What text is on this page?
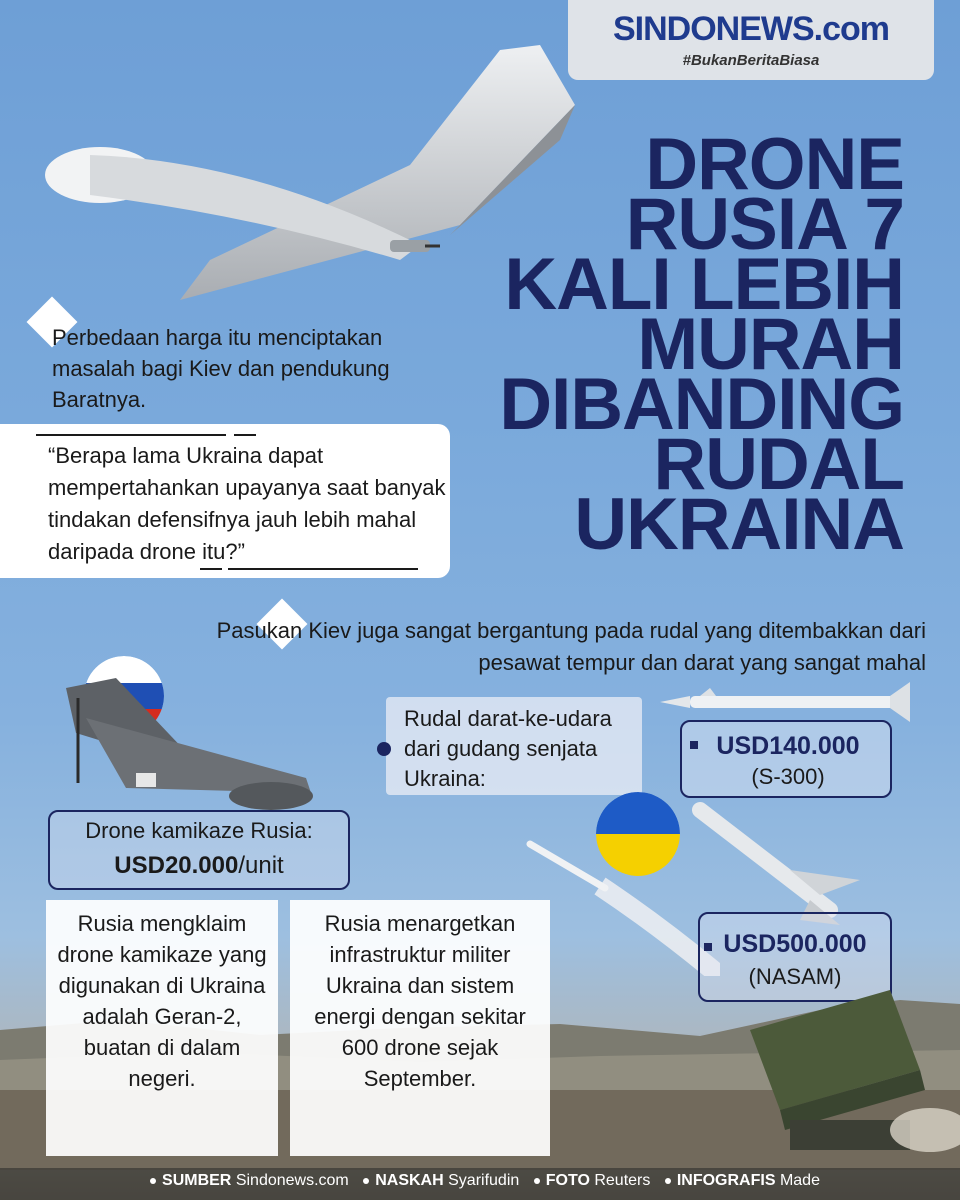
SINDONEWS.com
#BukanBeritaBiasa
DRONE
RUSIA 7
KALI LEBIH
MURAH
DIBANDING
RUDAL
UKRAINA
Perbedaan harga itu menciptakan masalah bagi Kiev dan pendukung Baratnya.
“Berapa lama Ukraina dapat mempertahankan upayanya saat banyak tindakan defensifnya jauh lebih mahal daripada drone itu?”
Pasukan Kiev juga sangat bergantung pada rudal yang ditembakkan dari pesawat tempur dan darat yang sangat mahal
Drone kamikaze Rusia:
USD20.000/unit
Rudal darat-ke-udara dari gudang senjata Ukraina:
USD140.000
(S-300)
USD500.000
(NASAM)
Rusia mengklaim drone kamikaze yang digunakan di Ukraina adalah Geran-2, buatan di dalam negeri.
Rusia menargetkan infrastruktur militer Ukraina dan sistem energi dengan sekitar 600 drone sejak September.
SUMBER Sindonews.com NASKAH Syarifudin FOTO Reuters INFOGRAFIS Made
